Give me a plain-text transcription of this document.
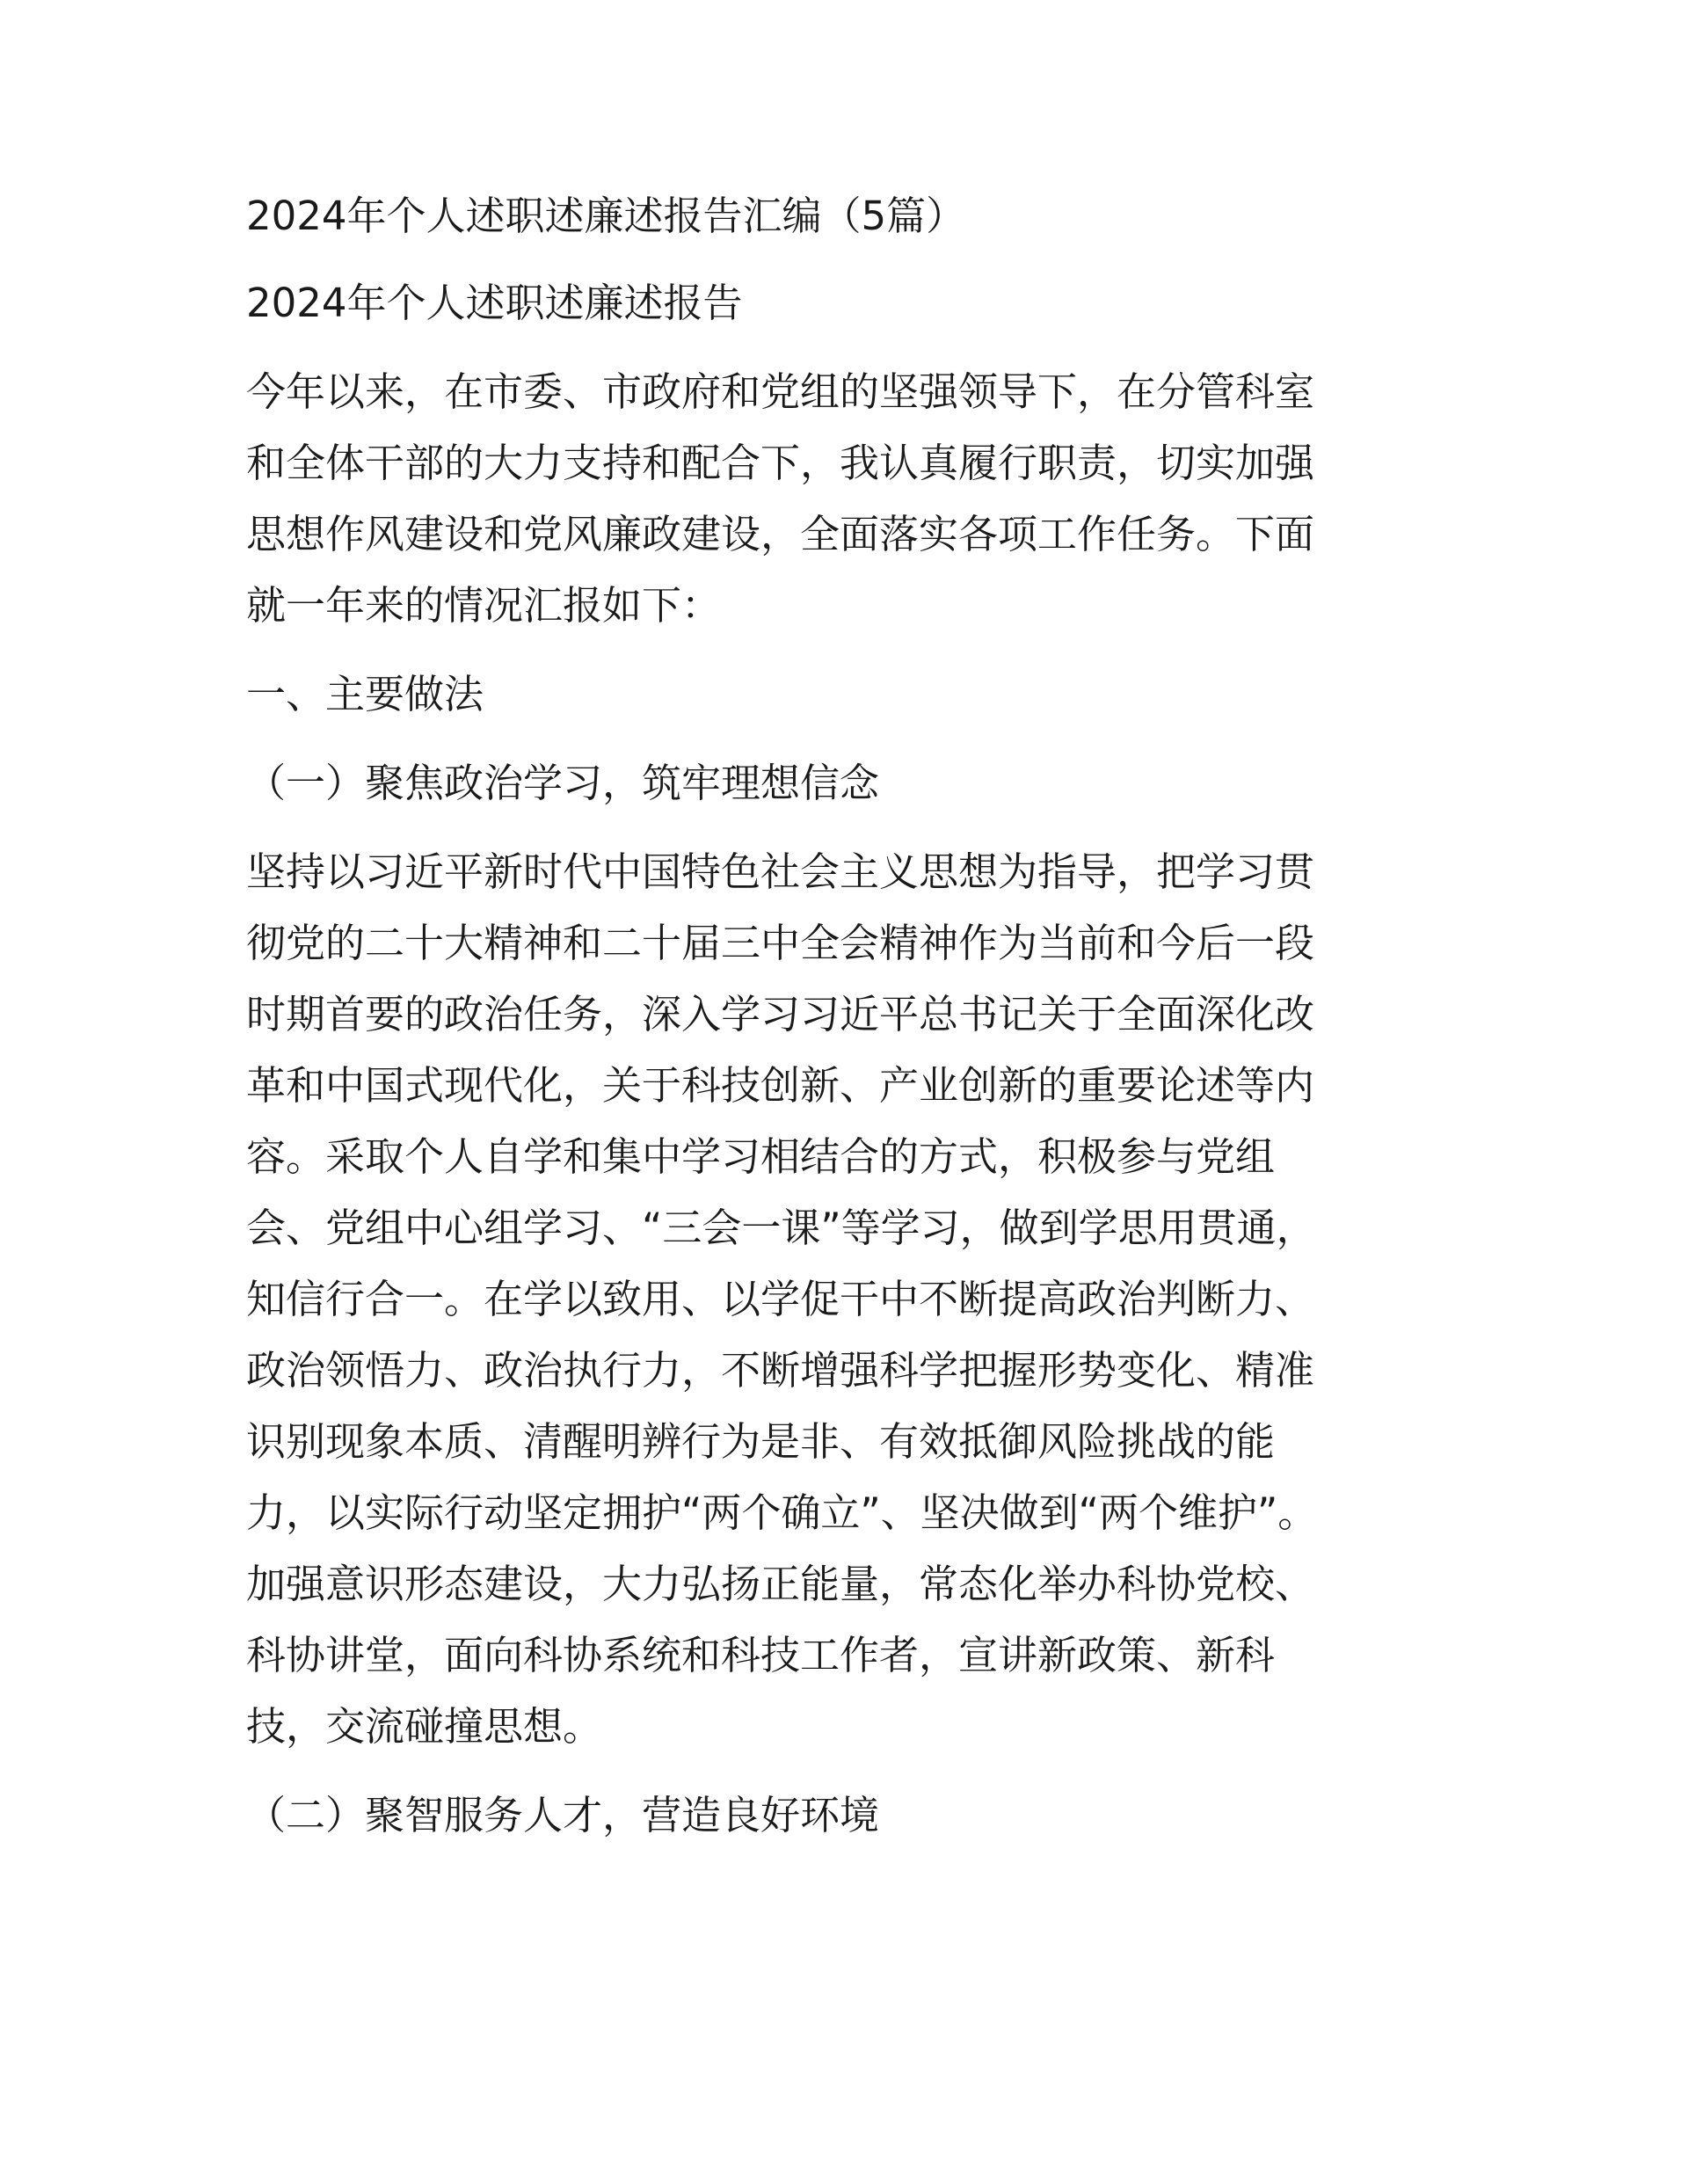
2024年个人述职述廉述报告汇编（5篇）

2024年个人述职述廉述报告

今年以来，在市委、市政府和党组的坚强领导下，在分管科室

和全体干部的大力支持和配合下，我认真履行职责，切实加强

思想作风建设和党风廉政建设，全面落实各项工作任务。下面

就一年来的情况汇报如下：

一、主要做法

（一）聚焦政治学习，筑牢理想信念

坚持以习近平新时代中国特色社会主义思想为指导，把学习贯

彻党的二十大精神和二十届三中全会精神作为当前和今后一段

时期首要的政治任务，深入学习习近平总书记关于全面深化改

革和中国式现代化，关于科技创新、产业创新的重要论述等内

容。采取个人自学和集中学习相结合的方式，积极参与党组

会、党组中心组学习、“三会一课”等学习，做到学思用贯通，

知信行合一。在学以致用、以学促干中不断提高政治判断力、

政治领悟力、政治执行力，不断增强科学把握形势变化、精准

识别现象本质、清醒明辨行为是非、有效抵御风险挑战的能

力，以实际行动坚定拥护“两个确立”、坚决做到“两个维护”。

加强意识形态建设，大力弘扬正能量，常态化举办科协党校、

科协讲堂，面向科协系统和科技工作者，宣讲新政策、新科

技，交流碰撞思想。

（二）聚智服务人才，营造良好环境
